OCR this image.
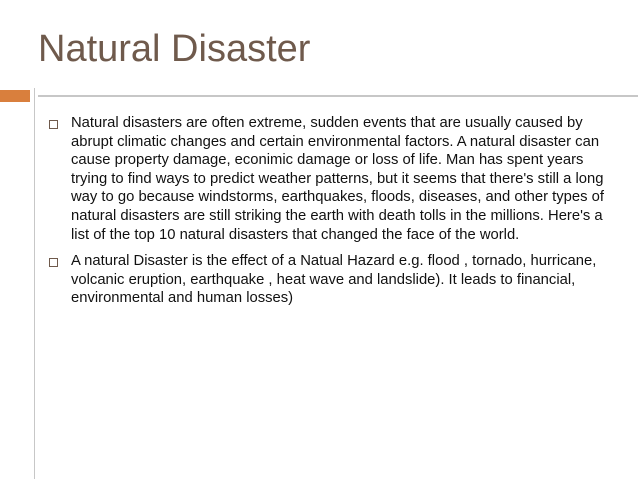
Natural Disaster
Natural disasters are often extreme, sudden events that are usually caused by abrupt climatic changes and certain environmental factors. A natural disaster can cause property damage, econimic damage or loss of life. Man has spent years trying to find ways to predict weather patterns, but it seems that there's still a long way to go because windstorms, earthquakes, floods, diseases, and other types of natural disasters are still striking the earth with death tolls in the millions. Here's a list of the top 10 natural disasters that changed the face of the world.
A natural Disaster is the effect of a Natual Hazard e.g. flood , tornado, hurricane, volcanic eruption, earthquake , heat wave and landslide). It leads to financial, environmental and human losses)
